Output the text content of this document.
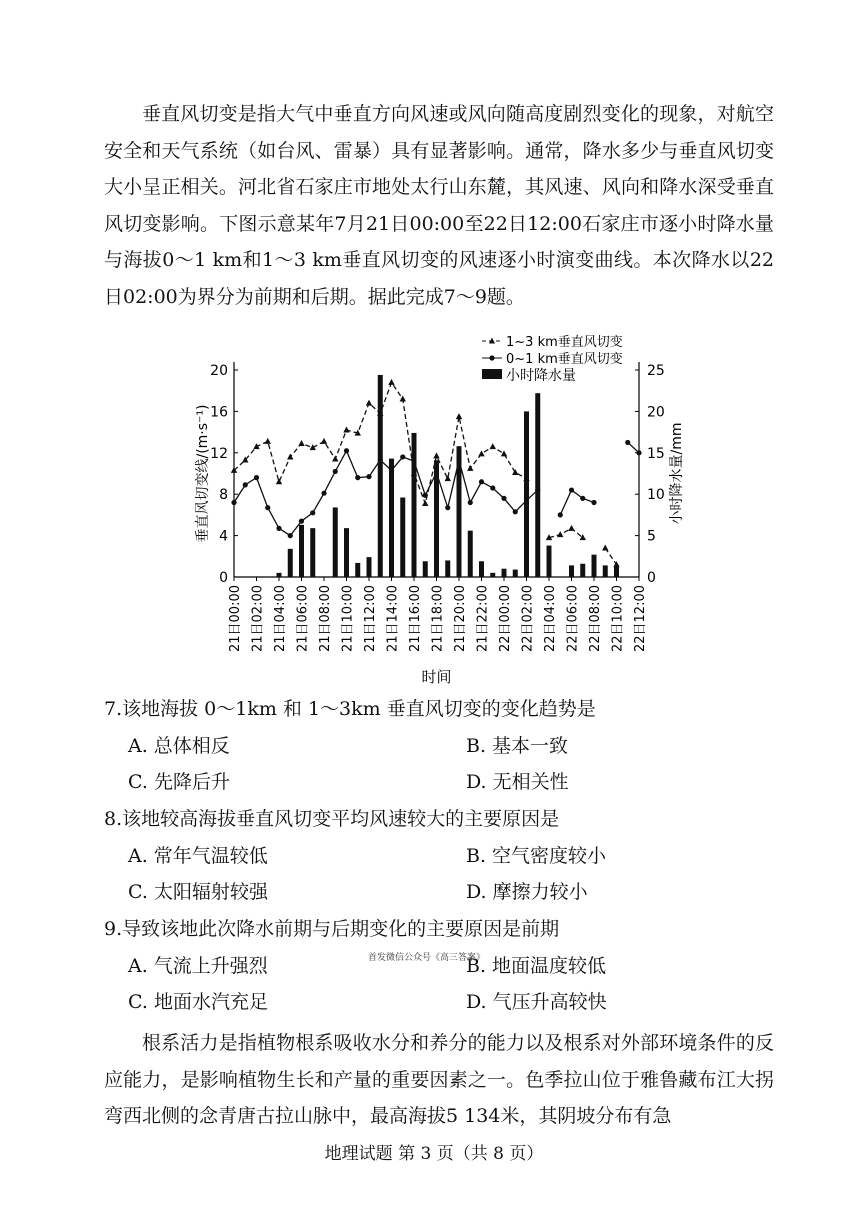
垂直风切变是指大气中垂直方向风速或风向随高度剧烈变化的现象，对航空安全和天气系统（如台风、雷暴）具有显著影响。通常，降水多少与垂直风切变大小呈正相关。河北省石家庄市地处太行山东麓，其风速、风向和降水深受垂直风切变影响。下图示意某年7月21日00:00至22日12:00石家庄市逐小时降水量与海拔0～1 km和1～3 km垂直风切变的风速逐小时演变曲线。本次降水以22日02:00为界分为前期和后期。据此完成7～9题。

0
4
8
12
16
20
0
5
10
15
20
25
垂直风切变线/(m·s⁻¹)	小时降水量/mm
21日00:00 21日02:00 21日04:00 21日06:00 21日08:00 21日10:00 21日12:00 21日14:00 21日16:00 21日18:00 21日20:00 21日22:00 22日00:00 22日02:00 22日04:00 22日06:00 22日08:00 22日10:00 22日12:00
时间
1~3 km垂直风切变
0~1 km垂直风切变
小时降水量
7.该地海拔 0～1km 和 1～3km 垂直风切变的变化趋势是
A. 总体相反	B. 基本一致
C. 先降后升	D. 无相关性
8.该地较高海拔垂直风切变平均风速较大的主要原因是
A. 常年气温较低	B. 空气密度较小
C. 太阳辐射较强	D. 摩擦力较小
9.导致该地此次降水前期与后期变化的主要原因是前期
A. 气流上升强烈	B. 地面温度较低
C. 地面水汽充足	D. 气压升高较快
首发微信公众号《高三答案》

根系活力是指植物根系吸收水分和养分的能力以及根系对外部环境条件的反应能力，是影响植物生长和产量的重要因素之一。色季拉山位于雅鲁藏布江大拐弯西北侧的念青唐古拉山脉中，最高海拔5 134米，其阴坡分布有急

地理试题 第 3 页（共 8 页）
